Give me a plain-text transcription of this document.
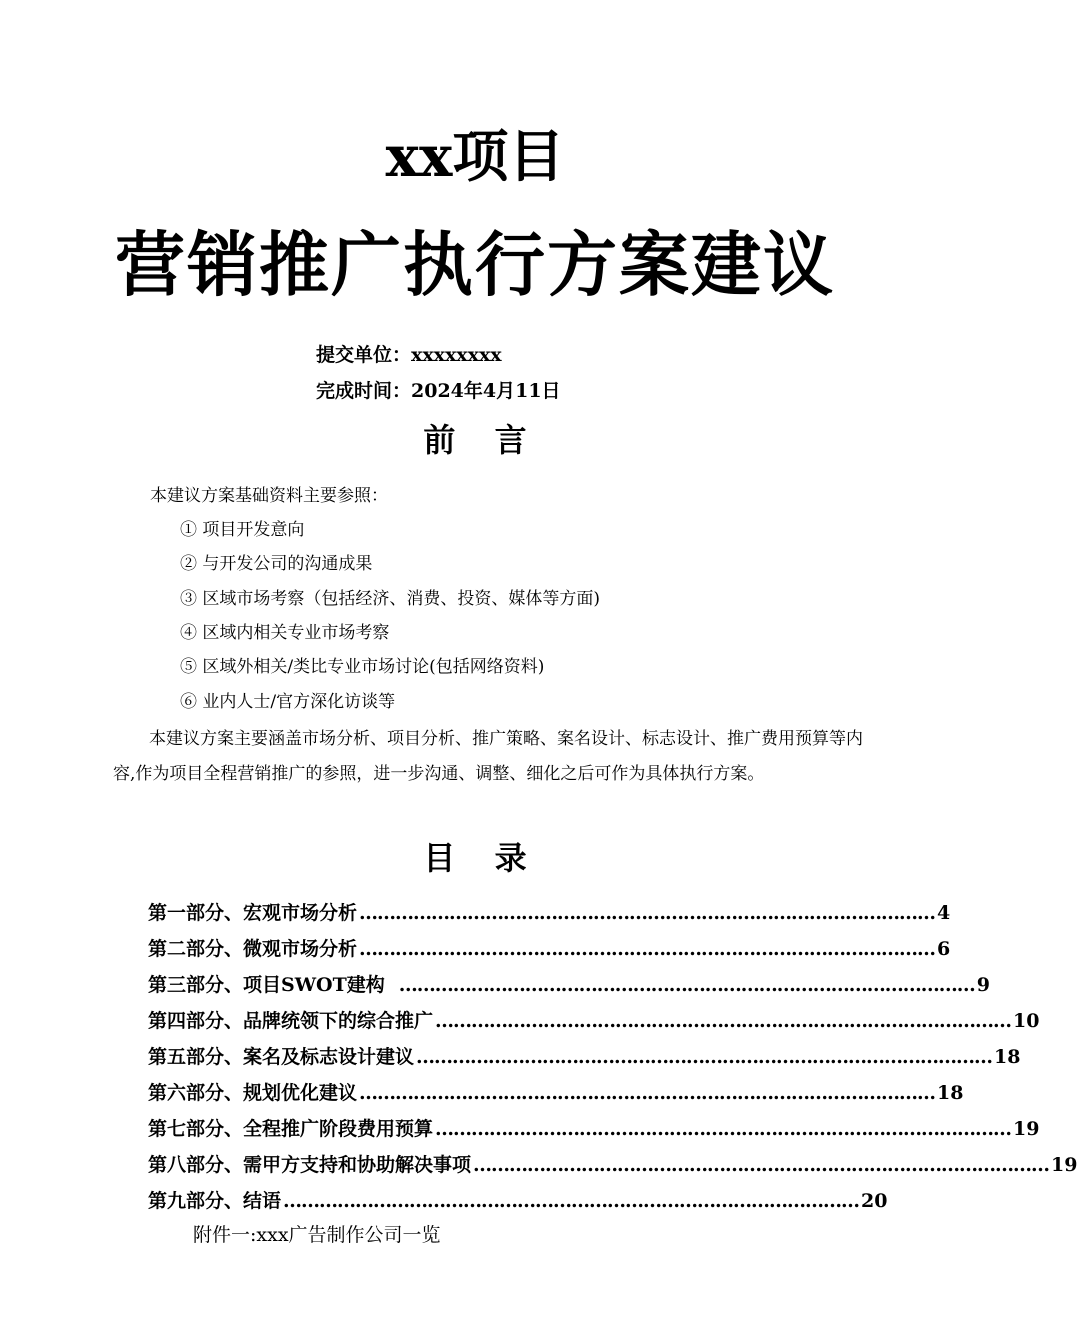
xx项目
营销推广执行方案建议
提交单位：xxxxxxxx
完成时间：2024年4月11日
前 言
本建议方案基础资料主要参照：
① 项目开发意向
② 与开发公司的沟通成果
③ 区域市场考察（包括经济、消费、投资、媒体等方面)
④ 区域内相关专业市场考察
⑤ 区域外相关/类比专业市场讨论(包括网络资料)
⑥ 业内人士/官方深化访谈等
本建议方案主要涵盖市场分析、项目分析、推广策略、案名设计、标志设计、推广费用预算等内容,作为项目全程营销推广的参照，进一步沟通、调整、细化之后可作为具体执行方案。
目 录
第一部分、宏观市场分析 …………………………………………………………………………………… 4
第二部分、微观市场分析 …………………………………………………………………………………… 6
第三部分、项目SWOT建构 …………………………………………………………………………………… 9
第四部分、品牌统领下的综合推广 …………………………………………………………………………………… 10
第五部分、案名及标志设计建议 …………………………………………………………………………………… 18
第六部分、规划优化建议 …………………………………………………………………………………… 18
第七部分、全程推广阶段费用预算 …………………………………………………………………………………… 19
第八部分、需甲方支持和协助解决事项 …………………………………………………………………………………… 19
第九部分、结语 …………………………………………………………………………………… 20
附件一:xxx广告制作公司一览
